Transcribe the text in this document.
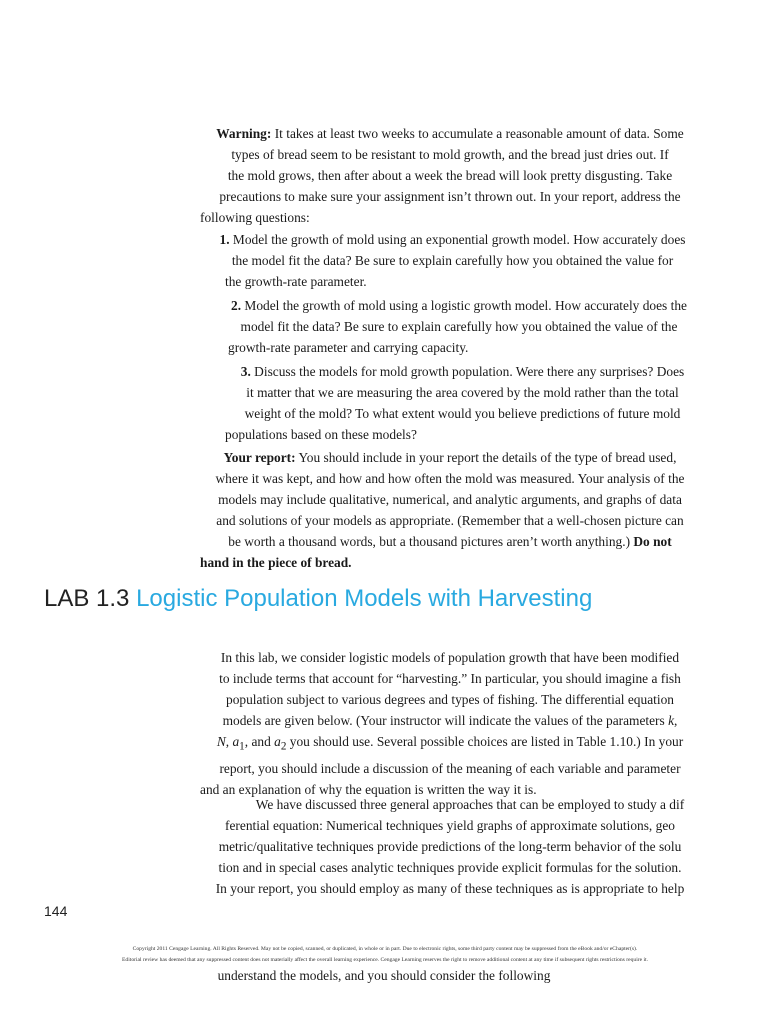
Warning: It takes at least two weeks to accumulate a reasonable amount of data. Some
types of bread seem to be resistant to mold growth, and the bread just dries out. If
the mold grows, then after about a week the bread will look pretty disgusting. Take
precautions to make sure your assignment isn’t thrown out. In your report, address the
following questions:
1. Model the growth of mold using an exponential growth model. How accurately does
the model fit the data? Be sure to explain carefully how you obtained the value for
the growth-rate parameter.
2. Model the growth of mold using a logistic growth model. How accurately does the
model fit the data? Be sure to explain carefully how you obtained the value of the
growth-rate parameter and carrying capacity.
3. Discuss the models for mold growth population. Were there any surprises? Does
it matter that we are measuring the area covered by the mold rather than the total
weight of the mold? To what extent would you believe predictions of future mold
populations based on these models?
Your report: You should include in your report the details of the type of bread used,
where it was kept, and how and how often the mold was measured. Your analysis of the
models may include qualitative, numerical, and analytic arguments, and graphs of data
and solutions of your models as appropriate. (Remember that a well-chosen picture can
be worth a thousand words, but a thousand pictures aren’t worth anything.) Do not
hand in the piece of bread.
LAB 1.3 Logistic Population Models with Harvesting
In this lab, we consider logistic models of population growth that have been modified
to include terms that account for “harvesting.” In particular, you should imagine a fish
population subject to various degrees and types of fishing. The differential equation
models are given below. (Your instructor will indicate the values of the parameters k,
N, $a_1$, and $a_2$ you should use. Several possible choices are listed in Table 1.10.) In your
report, you should include a discussion of the meaning of each variable and parameter
and an explanation of why the equation is written the way it is.
We have discussed three general approaches that can be employed to study a dif
ferential equation: Numerical techniques yield graphs of approximate solutions, geo
metric/qualitative techniques provide predictions of the long-term behavior of the solu
tion and in special cases analytic techniques provide explicit formulas for the solution.
In your report, you should employ as many of these techniques as is appropriate to help
144
Copyright 2011 Cengage Learning. All Rights Reserved. May not be copied, scanned, or duplicated, in whole or in part. Due to electronic rights, some third party content may be suppressed from the eBook and/or eChapter(s).
Editorial review has deemed that any suppressed content does not materially affect the overall learning experience. Cengage Learning reserves the right to remove additional content at any time if subsequent rights restrictions require it.
understand the models, and you should consider the following
